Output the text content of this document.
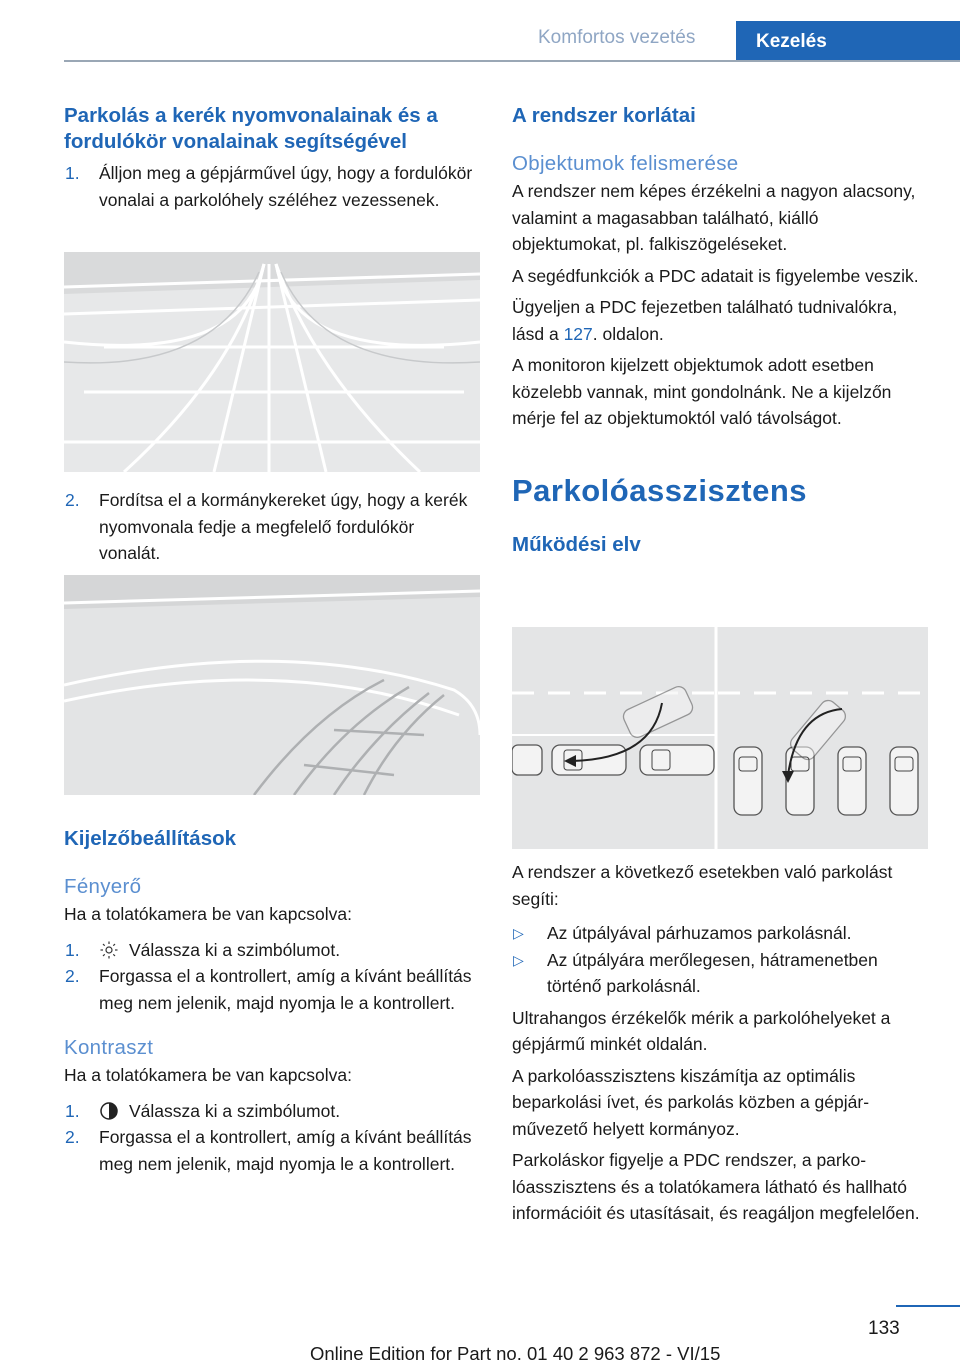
Komfortos vezetés	Kezelés
Parkolás a kerék nyomvonalainak és a fordulókör vonalainak segítségével
1. Álljon meg a gépjárművel úgy, hogy a fordulókör vonalai a parkolóhely széléhez vezessenek.
2. Fordítsa el a kormánykereket úgy, hogy a kerék nyomvonala fedje a megfelelő fordulókör vonalát.
Kijelzőbeállítások
Fényerő

Ha a tolatókamera be van kapcsolva:

1.	Válassza ki a szimbólumot.
2. Forgassa el a kontrollert, amíg a kívánt beállítás meg nem jelenik, majd nyomja le a kontrollert.
Kontraszt

Ha a tolatókamera be van kapcsolva:

1.	Válassza ki a szimbólumot.
2. Forgassa el a kontrollert, amíg a kívánt beállítás meg nem jelenik, majd nyomja le a kontrollert.
A rendszer korlátai
Objektumok felismerése

A rendszer nem képes érzékelni a nagyon alacsony, valamint a magasabban található, kiálló objektumokat, pl. falkiszögeléseket.

A segédfunkciók a PDC adatait is figyelembe veszik.

Ügyeljen a PDC fejezetben található tudnivalókra, lásd a 127. oldalon.

A monitoron kijelzett objektumok adott esetben közelebb vannak, mint gondolnánk. Ne a kijelzőn mérje fel az objektumoktól való távolságot.

Parkolóasszisztens
Működési elv

A rendszer a következő esetekben való parkolást segíti:

▷ Az útpályával párhuzamos parkolásnál.
▷ Az útpályára merőlegesen, hátramenetben történő parkolásnál.

Ultrahangos érzékelők mérik a parkolóhelyeket a gépjármű minkét oldalán.

A parkolóasszisztens kiszámítja az optimális beparkolási ívet, és parkolás közben a gépjárművezető helyett kormányoz.

Parkoláskor figyelje a PDC rendszer, a parkolóasszisztens és a tolatókamera látható és hallható információit és utasításait, és reagáljon megfelelően.

133
Online Edition for Part no. 01 40 2 963 872 - VI/15
